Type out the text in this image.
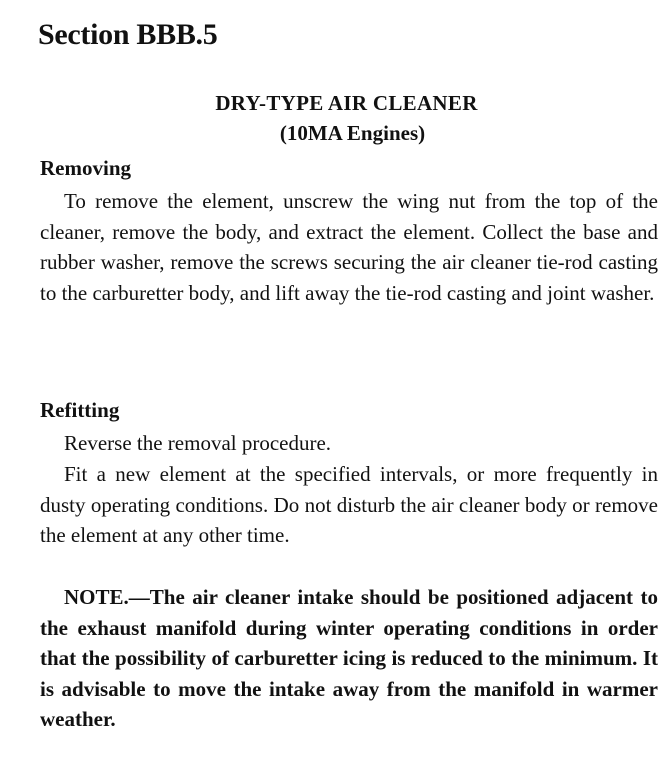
Section BBB.5
DRY-TYPE AIR CLEANER
(10MA Engines)
Removing
To remove the element, unscrew the wing nut from the top of the cleaner, remove the body, and extract the element. Collect the base and rubber washer, remove the screws securing the air cleaner tie-rod casting to the carburetter body, and lift away the tie-rod casting and joint washer.
Refitting
Reverse the removal procedure.
Fit a new element at the specified intervals, or more frequently in dusty operating conditions. Do not disturb the air cleaner body or remove the element at any other time.
NOTE.—The air cleaner intake should be positioned adjacent to the exhaust manifold during winter operating conditions in order that the possibility of carburetter icing is reduced to the minimum. It is advisable to move the intake away from the manifold in warmer weather.
